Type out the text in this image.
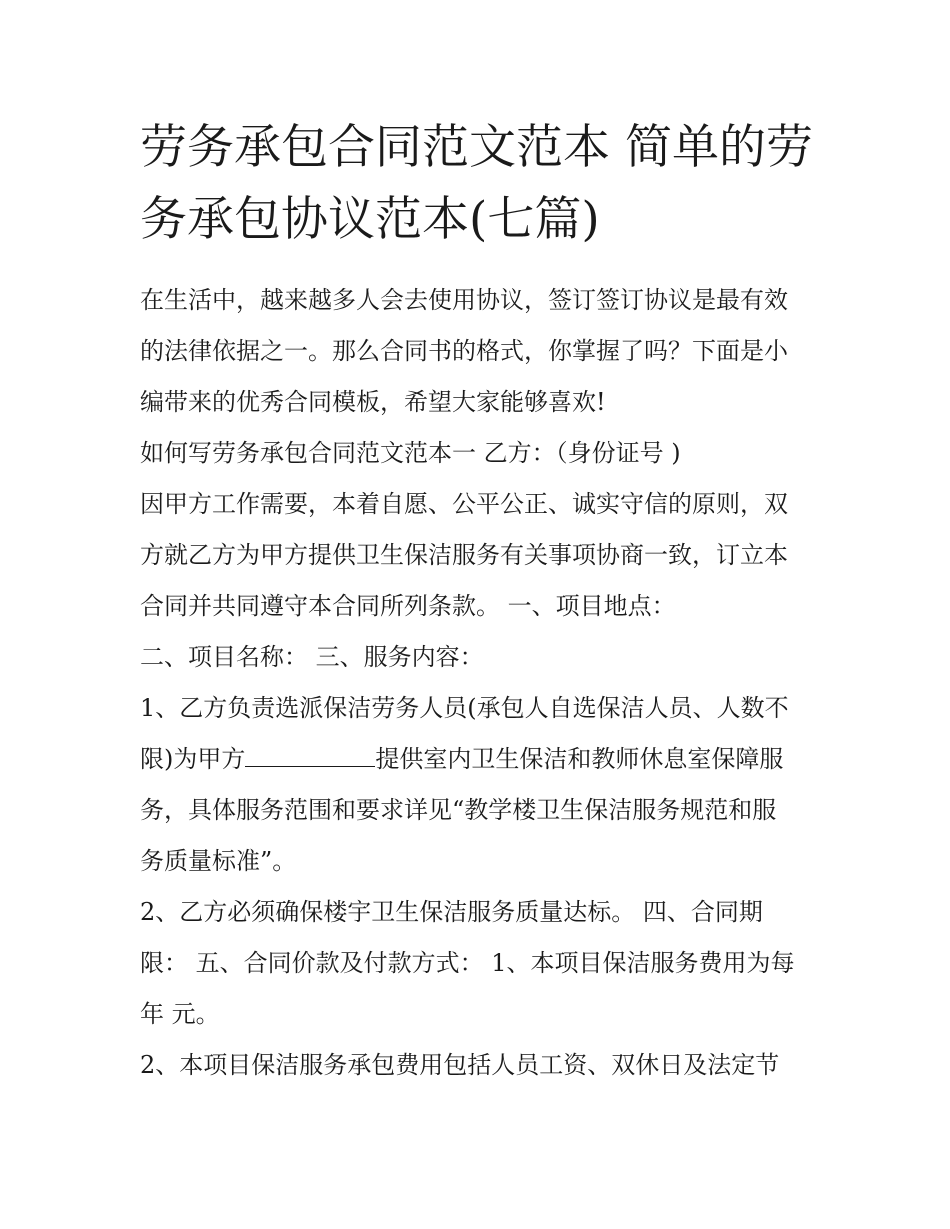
劳务承包合同范文范本 简单的劳务承包协议范本(七篇)

在生活中，越来越多人会去使用协议，签订签订协议是最有效

的法律依据之一。那么合同书的格式，你掌握了吗？下面是小

编带来的优秀合同模板，希望大家能够喜欢!

如何写劳务承包合同范文范本一 乙方：（身份证号 )

因甲方工作需要，本着自愿、公平公正、诚实守信的原则，双

方就乙方为甲方提供卫生保洁服务有关事项协商一致，订立本

合同并共同遵守本合同所列条款。 一、项目地点：

二、项目名称： 三、服务内容：

1、乙方负责选派保洁劳务人员(承包人自选保洁人员、人数不

限)为甲方	提供室内卫生保洁和教师休息室保障服

务，具体服务范围和要求详见“教学楼卫生保洁服务规范和服

务质量标准”。

2、乙方必须确保楼宇卫生保洁服务质量达标。 四、合同期

限： 五、合同价款及付款方式： 1、本项目保洁服务费用为每

年 元。

2、本项目保洁服务承包费用包括人员工资、双休日及法定节
